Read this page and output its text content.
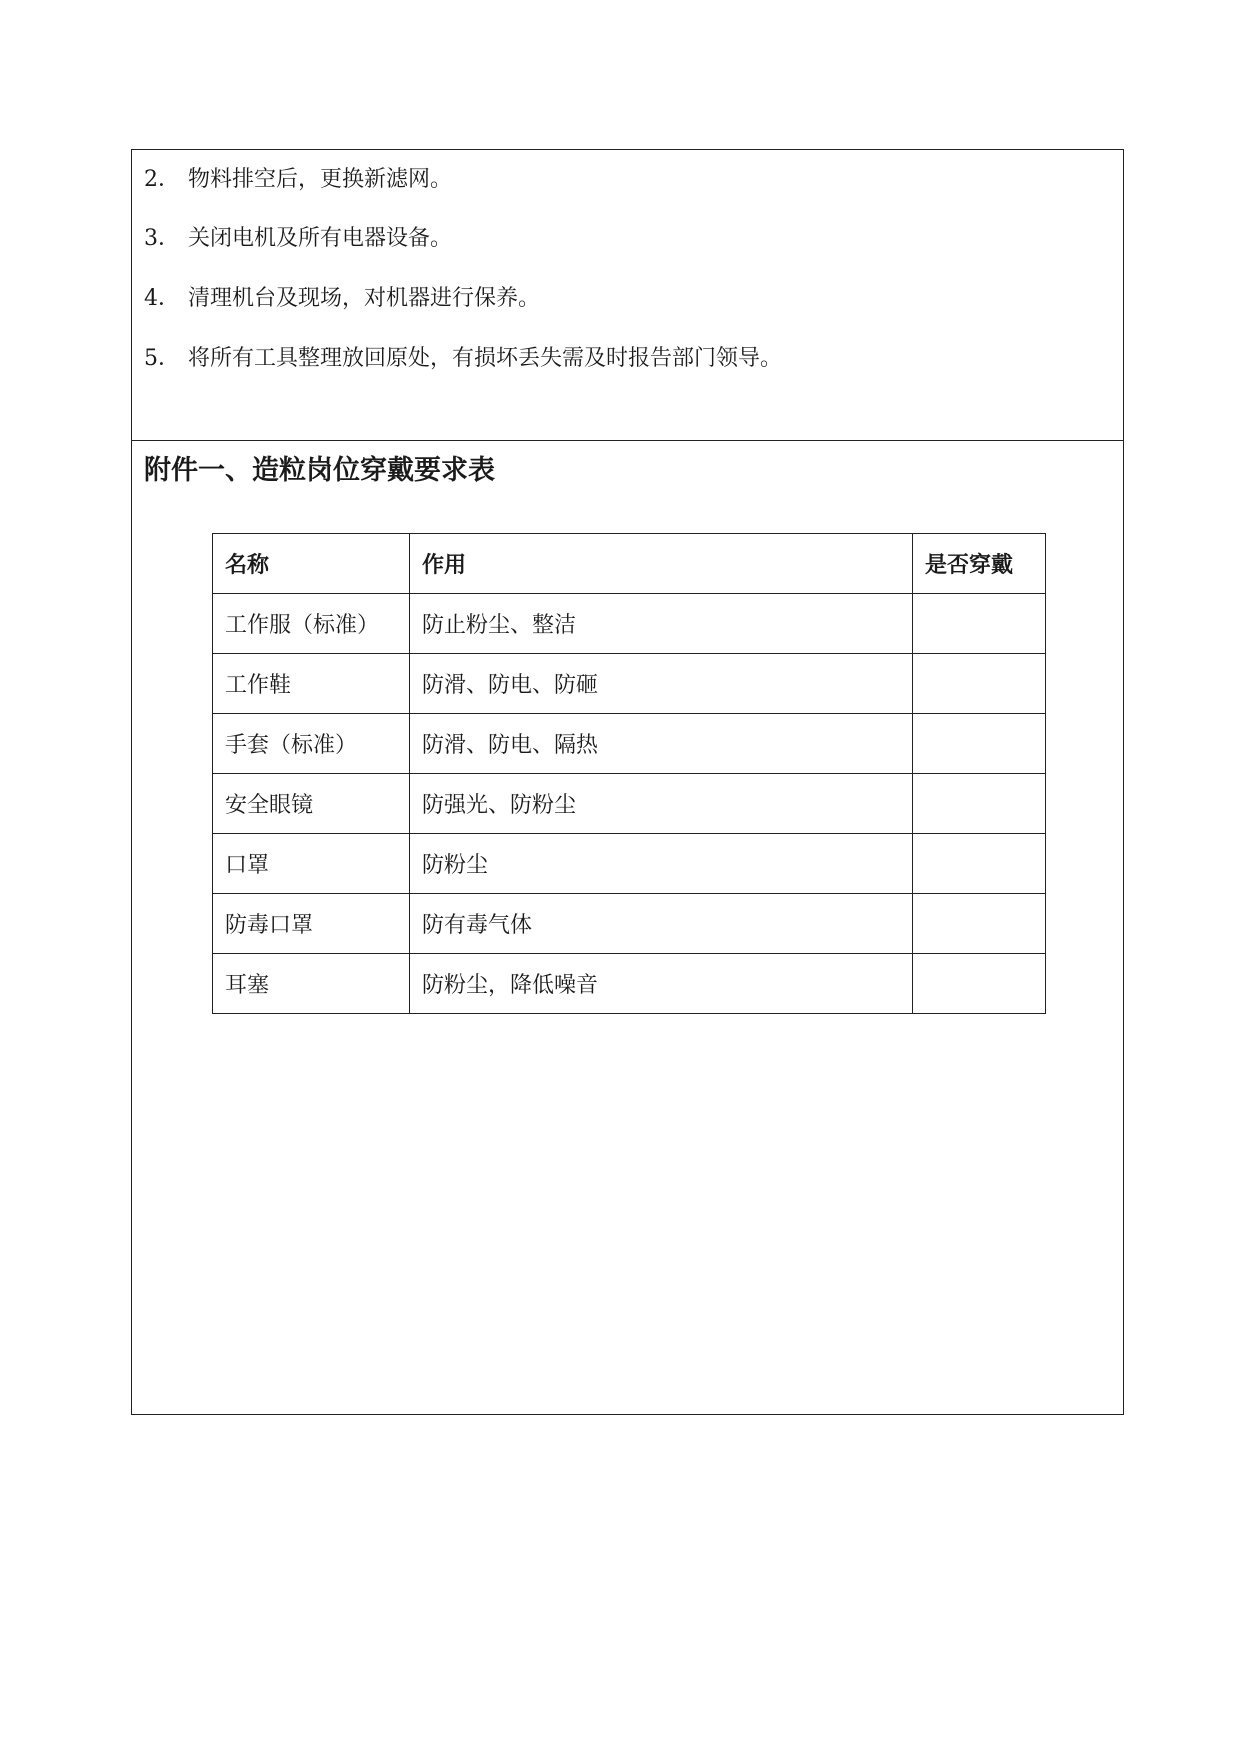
2． 物料排空后，更换新滤网。
3． 关闭电机及所有电器设备。
4． 清理机台及现场，对机器进行保养。
5． 将所有工具整理放回原处，有损坏丢失需及时报告部门领导。
附件一、造粒岗位穿戴要求表
名称	作用	是否穿戴
工作服（标准）	防止粉尘、整洁	
工作鞋	防滑、防电、防砸	
手套（标准）	防滑、防电、隔热	
安全眼镜	防强光、防粉尘	
口罩	防粉尘	
防毒口罩	防有毒气体	
耳塞	防粉尘，降低噪音	
